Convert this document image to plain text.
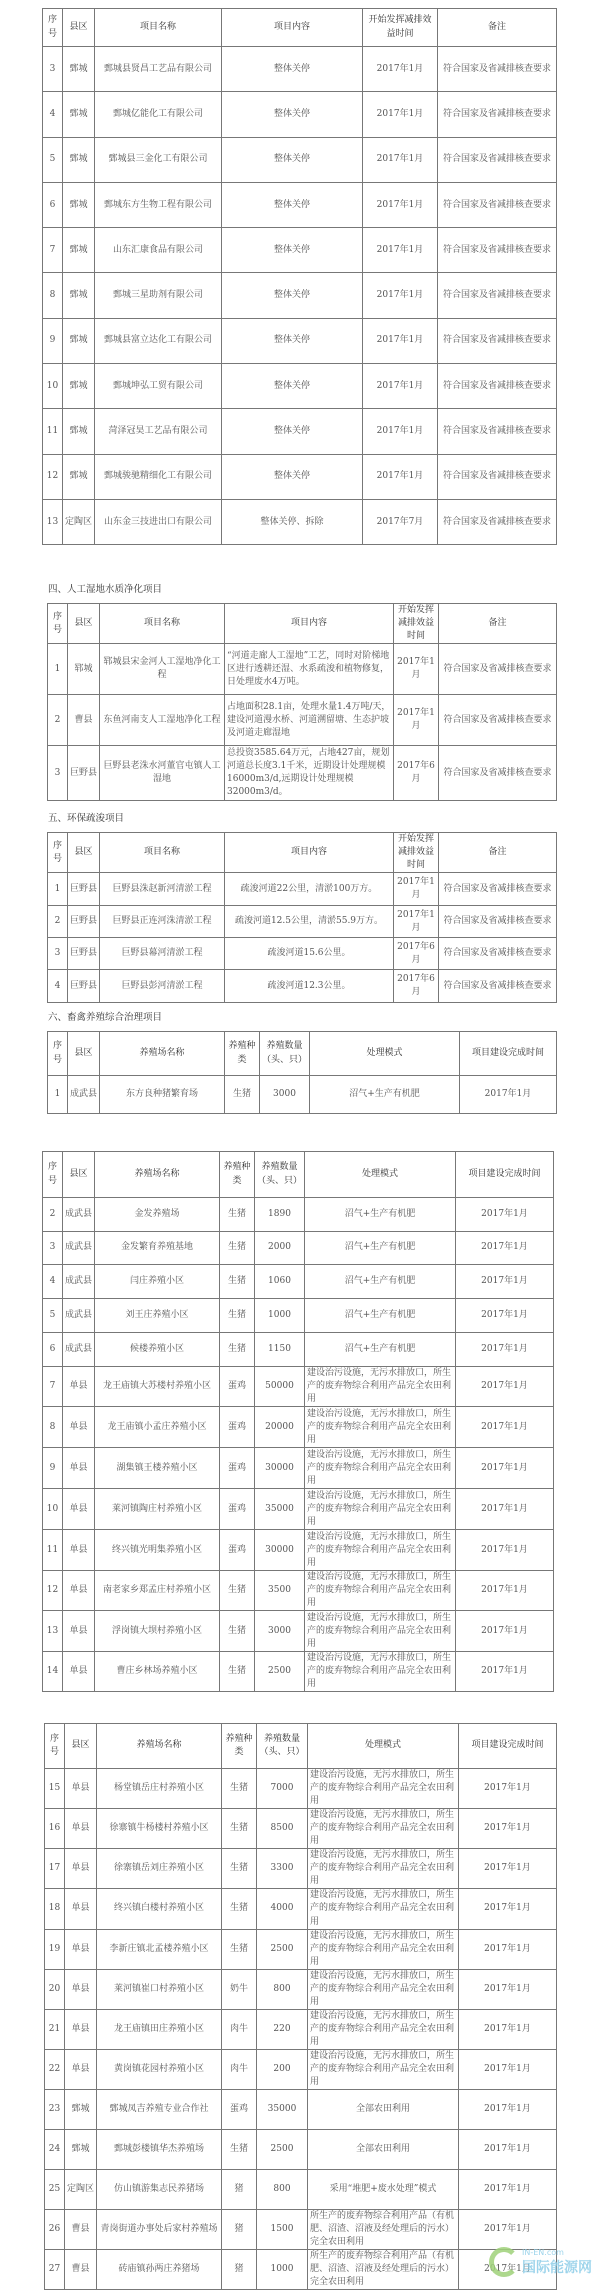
四、人工湿地水质净化项目
五、环保疏浚项目
六、畜禽养殖综合治理项目
序号	县区	项目名称	项目内容	开始发挥减排效益时间	备注
3	鄄城	鄄城县贤昌工艺品有限公司	整体关停	2017年1月	符合国家及省减排核查要求
4	鄄城	鄄城亿能化工有限公司	整体关停	2017年1月	符合国家及省减排核查要求
5	鄄城	鄄城县三金化工有限公司	整体关停	2017年1月	符合国家及省减排核查要求
6	鄄城	鄄城东方生物工程有限公司	整体关停	2017年1月	符合国家及省减排核查要求
7	鄄城	山东汇康食品有限公司	整体关停	2017年1月	符合国家及省减排核查要求
8	鄄城	鄄城三星助剂有限公司	整体关停	2017年1月	符合国家及省减排核查要求
9	鄄城	鄄城县富立达化工有限公司	整体关停	2017年1月	符合国家及省减排核查要求
10	鄄城	鄄城坤弘工贸有限公司	整体关停	2017年1月	符合国家及省减排核查要求
11	鄄城	菏泽冠昊工艺品有限公司	整体关停	2017年1月	符合国家及省减排核查要求
12	鄄城	鄄城骏驰精细化工有限公司	整体关停	2017年1月	符合国家及省减排核查要求
13	定陶区	山东金三技进出口有限公司	整体关停、拆除	2017年7月	符合国家及省减排核查要求
序号	县区	项目名称	项目内容	开始发挥减排效益时间	备注
1	郓城	郓城县宋金河人工湿地净化工程	“河道走廊人工湿地”工艺，同时对阶梯地区进行透耕还湿、水系疏浚和植物修复，日处理废水4万吨。	2017年1月	符合国家及省减排核查要求
2	曹县	东鱼河南支人工湿地净化工程	占地面积28.1亩，处理水量1.4万吨/天，建设河道漫水桥、河道溯留塘、生态护坡及河道走廊湿地	2017年1月	符合国家及省减排核查要求
3	巨野县	巨野县老洙水河董官屯镇人工湿地	总投资3585.64万元，占地427亩，规划河道总长度3.1千米，近期设计处理规模16000m3/d,远期设计处理规模32000m3/d。	2017年6月	符合国家及省减排核查要求
序号	县区	项目名称	项目内容	开始发挥减排效益时间	备注
1	巨野县	巨野县洙赵新河清淤工程	疏浚河道22公里，清淤100万方。	2017年1月	符合国家及省减排核查要求
2	巨野县	巨野县正连河洙清淤工程	疏浚河道12.5公里，清淤55.9万方。	2017年1月	符合国家及省减排核查要求
3	巨野县	巨野县幕河清淤工程	疏浚河道15.6公里。	2017年6月	符合国家及省减排核查要求
4	巨野县	巨野县彭河清淤工程	疏浚河道12.3公里。	2017年6月	符合国家及省减排核查要求
序号	县区	养殖场名称	养殖种类	养殖数量（头、只）	处理模式	项目建设完成时间
1	成武县	东方良种猪繁育场	生猪	3000	沼气+生产有机肥	2017年1月
序号	县区	养殖场名称	养殖种类	养殖数量（头、只）	处理模式	项目建设完成时间
2	成武县	金发养殖场	生猪	1890	沼气+生产有机肥	2017年1月
3	成武县	金发繁育养殖基地	生猪	2000	沼气+生产有机肥	2017年1月
4	成武县	闫庄养殖小区	生猪	1060	沼气+生产有机肥	2017年1月
5	成武县	刘王庄养殖小区	生猪	1000	沼气+生产有机肥	2017年1月
6	成武县	候楼养殖小区	生猪	1150	沼气+生产有机肥	2017年1月
7	单县	龙王庙镇大苏楼村养殖小区	蛋鸡	50000	建设治污设施，无污水排放口，所生产的废弃物综合利用产品完全农田利用	2017年1月
8	单县	龙王庙镇小孟庄养殖小区	蛋鸡	20000	建设治污设施，无污水排放口，所生产的废弃物综合利用产品完全农田利用	2017年1月
9	单县	湖集镇王楼养殖小区	蛋鸡	30000	建设治污设施，无污水排放口，所生产的废弃物综合利用产品完全农田利用	2017年1月
10	单县	莱河镇陶庄村养殖小区	蛋鸡	35000	建设治污设施，无污水排放口，所生产的废弃物综合利用产品完全农田利用	2017年1月
11	单县	终兴镇光明集养殖小区	蛋鸡	30000	建设治污设施，无污水排放口，所生产的废弃物综合利用产品完全农田利用	2017年1月
12	单县	南老家乡郑孟庄村养殖小区	生猪	3500	建设治污设施，无污水排放口，所生产的废弃物综合利用产品完全农田利用	2017年1月
13	单县	浮岗镇大坝村养殖小区	生猪	3000	建设治污设施，无污水排放口，所生产的废弃物综合利用产品完全农田利用	2017年1月
14	单县	曹庄乡林场养殖小区	生猪	2500	建设治污设施，无污水排放口，所生产的废弃物综合利用产品完全农田利用	2017年1月
序号	县区	养殖场名称	养殖种类	养殖数量（头、只）	处理模式	项目建设完成时间
15	单县	杨堂镇岳庄村养殖小区	生猪	7000	建设治污设施，无污水排放口，所生产的废弃物综合利用产品完全农田利用	2017年1月
16	单县	徐寨镇牛杨楼村养殖小区	生猪	8500	建设治污设施，无污水排放口，所生产的废弃物综合利用产品完全农田利用	2017年1月
17	单县	徐寨镇岳刘庄养殖小区	生猪	3300	建设治污设施，无污水排放口，所生产的废弃物综合利用产品完全农田利用	2017年1月
18	单县	终兴镇白楼村养殖小区	生猪	4000	建设治污设施，无污水排放口，所生产的废弃物综合利用产品完全农田利用	2017年1月
19	单县	李新庄镇北孟楼养殖小区	生猪	2500	建设治污设施，无污水排放口，所生产的废弃物综合利用产品完全农田利用	2017年1月
20	单县	莱河镇崔口村养殖小区	奶牛	800	建设治污设施，无污水排放口，所生产的废弃物综合利用产品完全农田利用	2017年1月
21	单县	龙王庙镇田庄养殖小区	肉牛	220	建设治污设施，无污水排放口，所生产的废弃物综合利用产品完全农田利用	2017年1月
22	单县	黄岗镇花园村养殖小区	肉牛	200	建设治污设施，无污水排放口，所生产的废弃物综合利用产品完全农田利用	2017年1月
23	鄄城	鄄城凤吉养殖专业合作社	蛋鸡	35000	全部农田利用	2017年1月
24	鄄城	鄄城彭楼镇华杰养殖场	生猪	2500	全部农田利用	2017年1月
25	定陶区	仿山镇游集志民养猪场	猪	800	采用“堆肥+废水处理”模式	2017年1月
26	曹县	青岗街道办事处后家村养殖场	猪	1500	所生产的废弃物综合利用产品（有机肥、沼渣、沼液及经处理后的污水）完全农田利用	2017年1月
27	曹县	砖庙镇孙两庄养猪场	猪	1000	所生产的废弃物综合利用产品（有机肥、沼渣、沼液及经处理后的污水）完全农田利用	2017年1月
IN-EN.com
国际能源网
